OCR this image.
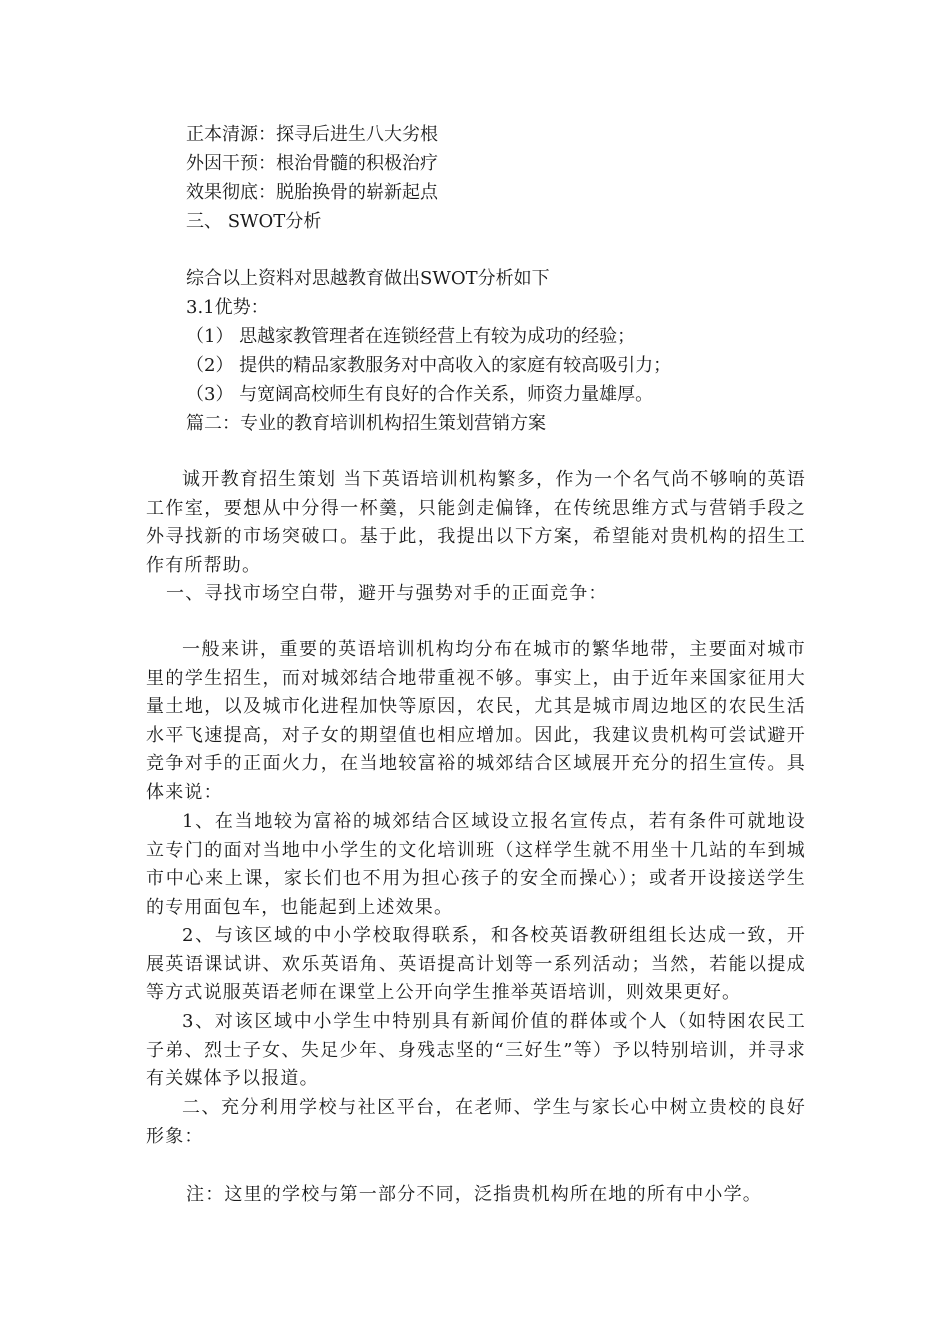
正本清源：探寻后进生八大劣根
外因干预：根治骨髓的积极治疗
效果彻底：脱胎换骨的崭新起点
三、 SWOT分析
综合以上资料对思越教育做出SWOT分析如下
3.1优势：
（1） 思越家教管理者在连锁经营上有较为成功的经验；
（2） 提供的精品家教服务对中高收入的家庭有较高吸引力；
（3） 与宽阔高校师生有良好的合作关系，师资力量雄厚。
篇二：专业的教育培训机构招生策划营销方案
诚开教育招生策划 当下英语培训机构繁多，作为一个名气尚不够响的英语工作室，要想从中分得一杯羹，只能剑走偏锋，在传统思维方式与营销手段之外寻找新的市场突破口。基于此，我提出以下方案，希望能对贵机构的招生工作有所帮助。
一、寻找市场空白带，避开与强势对手的正面竞争：
一般来讲，重要的英语培训机构均分布在城市的繁华地带，主要面对城市里的学生招生，而对城郊结合地带重视不够。事实上，由于近年来国家征用大量土地，以及城市化进程加快等原因，农民，尤其是城市周边地区的农民生活水平飞速提高，对子女的期望值也相应增加。因此，我建议贵机构可尝试避开竞争对手的正面火力，在当地较富裕的城郊结合区域展开充分的招生宣传。具体来说：
1、在当地较为富裕的城郊结合区域设立报名宣传点，若有条件可就地设立专门的面对当地中小学生的文化培训班（这样学生就不用坐十几站的车到城市中心来上课，家长们也不用为担心孩子的安全而操心）；或者开设接送学生的专用面包车，也能起到上述效果。
2、与该区域的中小学校取得联系，和各校英语教研组组长达成一致，开展英语课试讲、欢乐英语角、英语提高计划等一系列活动；当然，若能以提成等方式说服英语老师在课堂上公开向学生推举英语培训，则效果更好。
3、对该区域中小学生中特别具有新闻价值的群体或个人（如特困农民工子弟、烈士子女、失足少年、身残志坚的“三好生”等）予以特别培训，并寻求有关媒体予以报道。
二、充分利用学校与社区平台，在老师、学生与家长心中树立贵校的良好形象：
注：这里的学校与第一部分不同，泛指贵机构所在地的所有中小学。
